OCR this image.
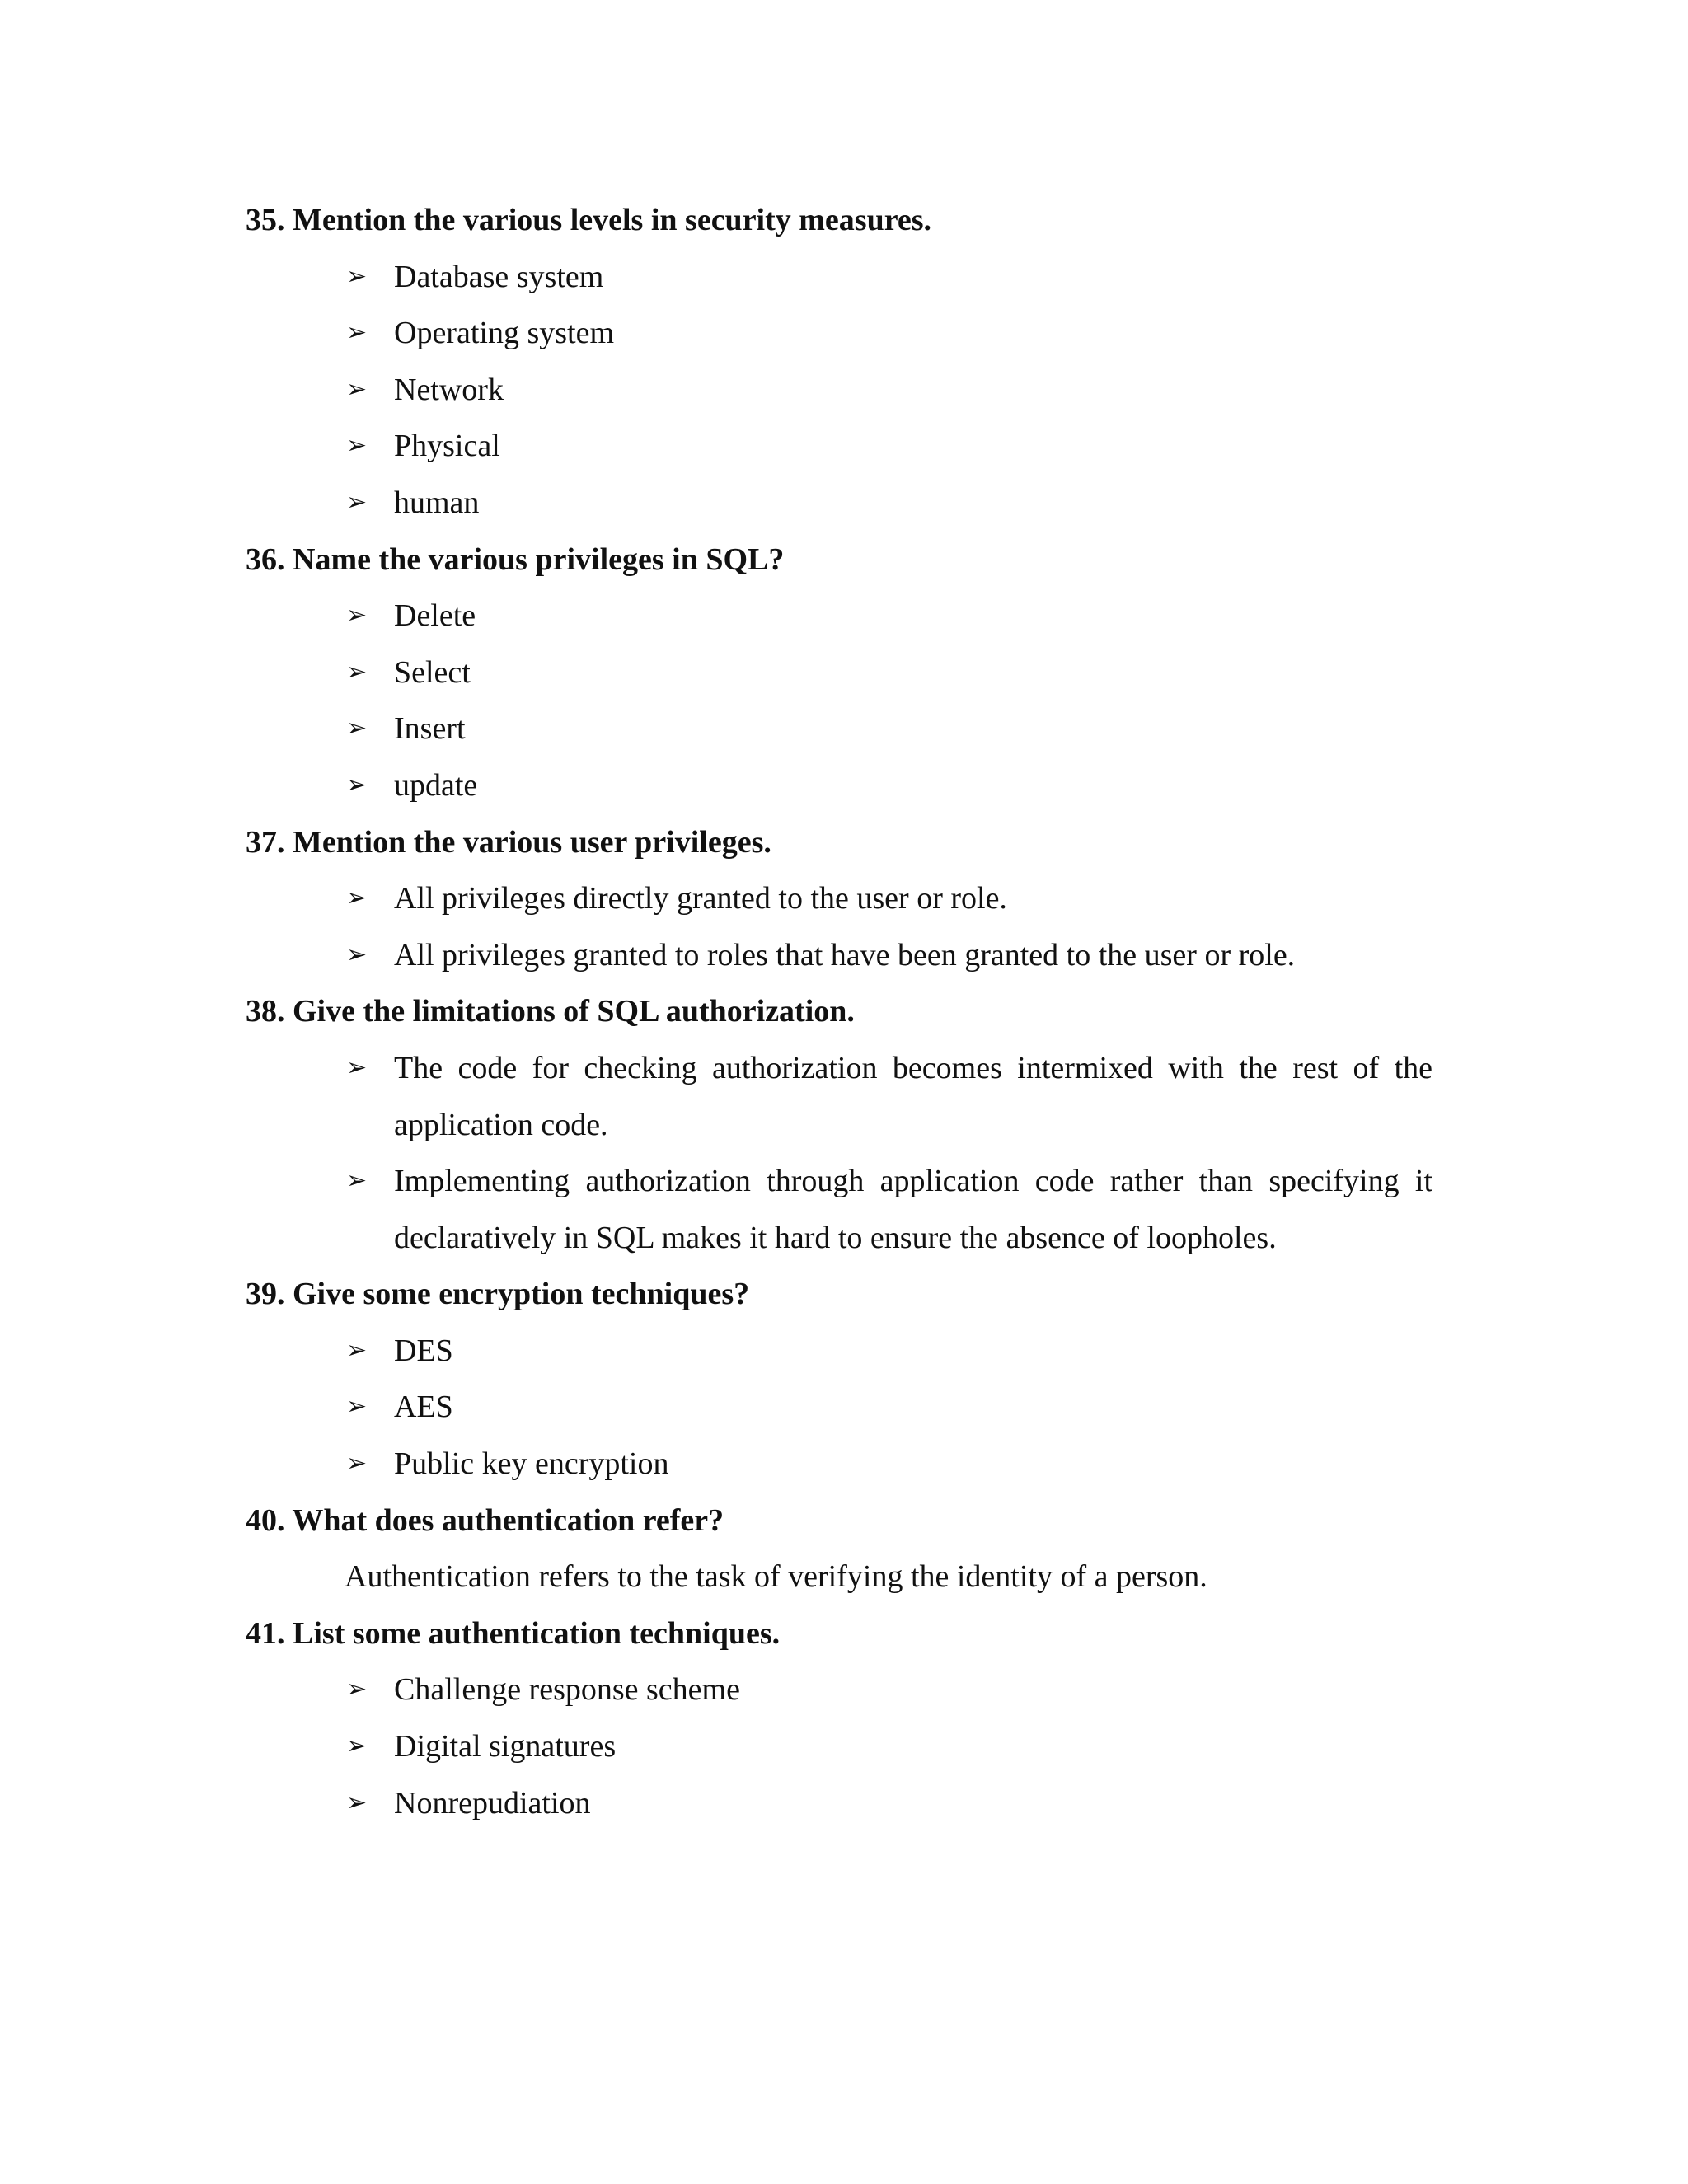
35. Mention the various levels in security measures.
➢ Database system
➢ Operating system
➢ Network
➢ Physical
➢ human
36. Name the various privileges in SQL?
➢ Delete
➢ Select
➢ Insert
➢ update
37. Mention the various user privileges.
➢ All privileges directly granted to the user or role.
➢ All privileges granted to roles that have been granted to the user or role.
38. Give the limitations of SQL authorization.
➢ The code for checking authorization becomes intermixed with the rest of the application code.
➢ Implementing authorization through application code rather than specifying it declaratively in SQL makes it hard to ensure the absence of loopholes.
39. Give some encryption techniques?
➢ DES
➢ AES
➢ Public key encryption
40. What does authentication refer?
Authentication refers to the task of verifying the identity of a person.
41. List some authentication techniques.
➢ Challenge response scheme
➢ Digital signatures
➢ Nonrepudiation
